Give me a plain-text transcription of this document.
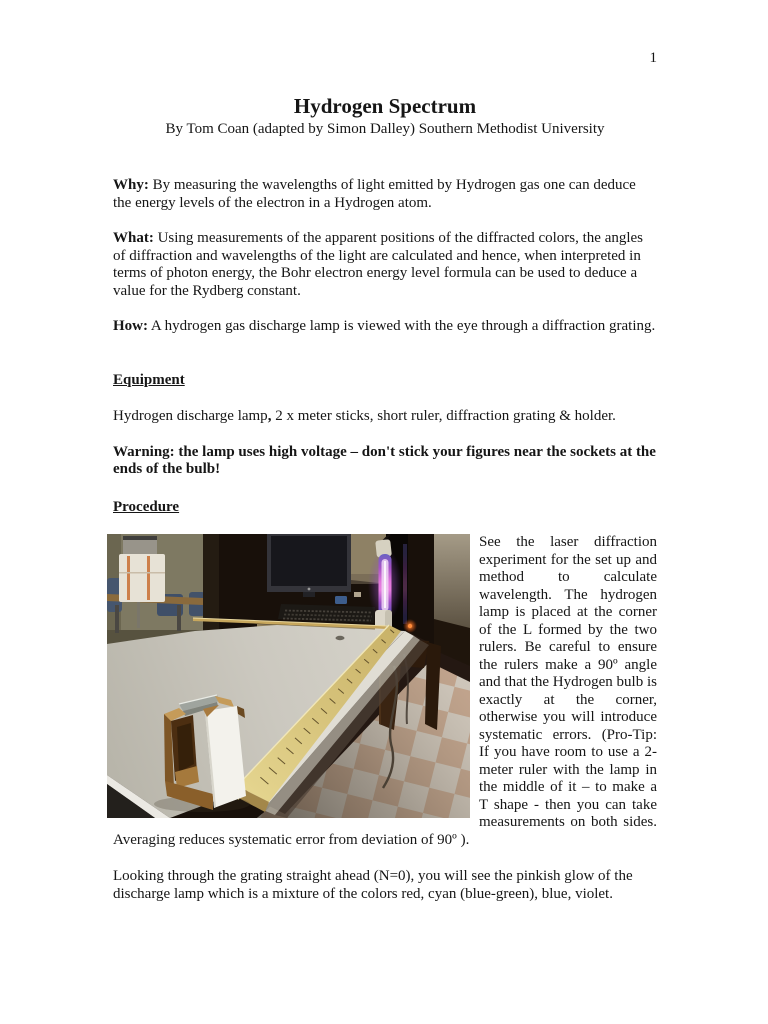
1
Hydrogen Spectrum
By Tom Coan (adapted by Simon Dalley) Southern Methodist University

Why: By measuring the wavelengths of light emitted by Hydrogen gas one can deduce the energy levels of the electron in a Hydrogen atom.

What: Using measurements of the apparent positions of the diffracted colors, the angles of diffraction and wavelengths of the light are calculated and hence, when interpreted in terms of photon energy, the Bohr electron energy level formula can be used to deduce a value for the Rydberg constant.

How: A hydrogen gas discharge lamp is viewed with the eye through a diffraction grating.

Equipment

Hydrogen discharge lamp, 2 x meter sticks, short ruler, diffraction grating & holder.

Warning: the lamp uses high voltage – don't stick your figures near the sockets at the ends of the bulb!

Procedure

See the laser diffraction experiment for the set up and method to calculate wavelength. The hydrogen lamp is placed at the corner of the L formed by the two rulers. Be careful to ensure the rulers make a 90º angle and that the Hydrogen bulb is exactly at the corner, otherwise you will introduce systematic errors. (Pro-Tip: If you have room to use a 2-meter ruler with the lamp in the middle of it – to make a T shape - then you can take measurements on both sides. Averaging reduces systematic error from deviation of 90º ).

Looking through the grating straight ahead (N=0), you will see the pinkish glow of the discharge lamp which is a mixture of the colors red, cyan (blue-green), blue, violet.
